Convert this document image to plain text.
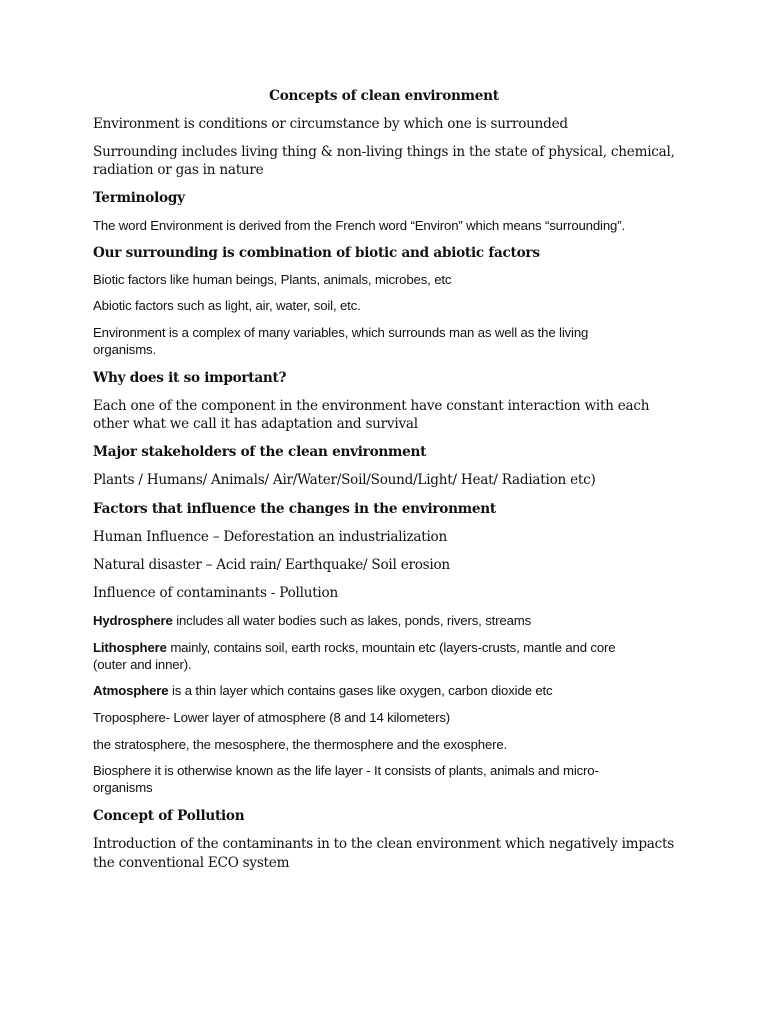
Concepts of clean environment

Environment is conditions or circumstance by which one is surrounded

Surrounding includes living thing & non-living things in the state of physical, chemical,

radiation or gas in nature

Terminology

The word Environment is derived from the French word “Environ” which means “surrounding”.

Our surrounding is combination of biotic and abiotic factors

Biotic factors like human beings, Plants, animals, microbes, etc

Abiotic factors such as light, air, water, soil, etc.

Environment is a complex of many variables, which surrounds man as well as the living

organisms.

Why does it so important?

Each one of the component in the environment have constant interaction with each

other what we call it has adaptation and survival

Major stakeholders of the clean environment

Plants / Humans/ Animals/ Air/Water/Soil/Sound/Light/ Heat/ Radiation etc)

Factors that influence the changes in the environment

Human Influence – Deforestation an industrialization

Natural disaster – Acid rain/ Earthquake/ Soil erosion

Influence of contaminants - Pollution

Hydrosphere includes all water bodies such as lakes, ponds, rivers, streams

Lithosphere mainly, contains soil, earth rocks, mountain etc (layers-crusts, mantle and core

(outer and inner).

Atmosphere is a thin layer which contains gases like oxygen, carbon dioxide etc

Troposphere- Lower layer of atmosphere (8 and 14 kilometers)

the stratosphere, the mesosphere, the thermosphere and the exosphere.

Biosphere it is otherwise known as the life layer - It consists of plants, animals and micro-

organisms

Concept of Pollution

Introduction of the contaminants in to the clean environment which negatively impacts

the conventional ECO system
